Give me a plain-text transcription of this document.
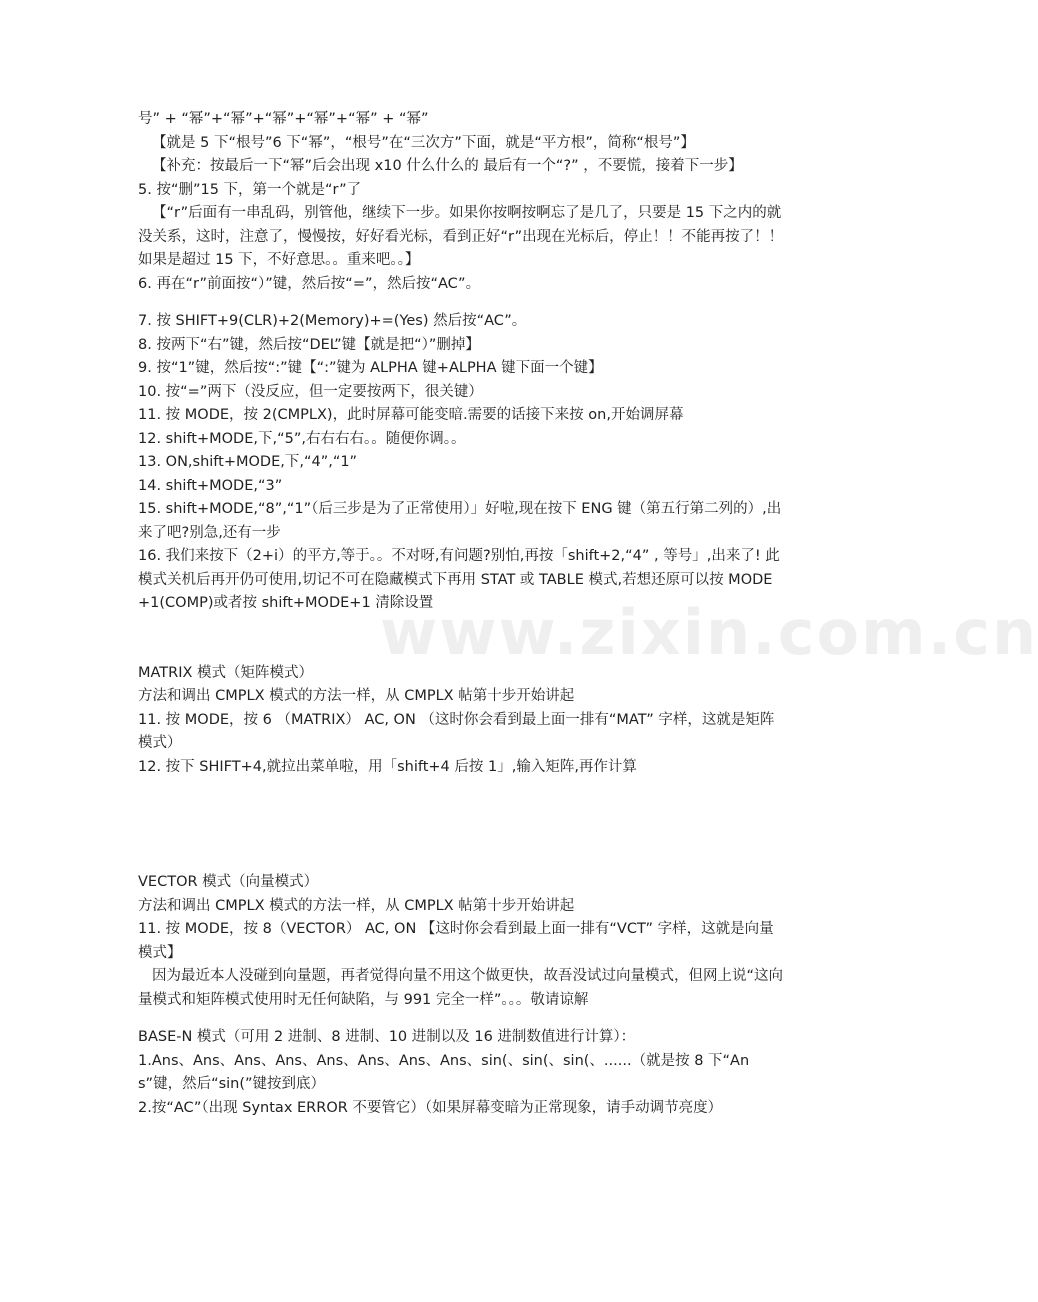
www.zixin.com.cn

号” + “幂”+“幂”+“幂”+“幂”+“幂” + “幂”

【就是 5 下“根号”6 下“幂”，“根号”在“三次方”下面，就是“平方根”，简称“根号”】

【补充：按最后一下“幂”后会出现 x10 什么什么的 最后有一个“?” ，不要慌，接着下一步】

5. 按“删”15 下，第一个就是“r”了

【“r”后面有一串乱码，别管他，继续下一步。如果你按啊按啊忘了是几了，只要是 15 下之内的就没关系，这时，注意了，慢慢按，好好看光标，看到正好“r”出现在光标后，停止！！不能再按了！！如果是超过 15 下，不好意思。。重来吧。。】

6. 再在“r”前面按“）”键，然后按“=”，然后按“AC”。

7. 按 SHIFT+9(CLR)+2(Memory)+=(Yes) 然后按“AC”。

8. 按两下“右”键，然后按“DEL”键【就是把“）”删掉】

9. 按“1”键，然后按“:”键【“:”键为 ALPHA 键+ALPHA 键下面一个键】

10. 按“=”两下（没反应，但一定要按两下，很关键）

11. 按 MODE，按 2(CMPLX)，此时屏幕可能变暗.需要的话接下来按 on,开始调屏幕

12. shift+MODE,下,“5”,右右右右。。随便你调。。

13. ON,shift+MODE,下,“4”,“1”

14. shift+MODE,“3”

15. shift+MODE,“8”,“1”（后三步是为了正常使用）」好啦,现在按下 ENG 键（第五行第二列的）,出来了吧?别急,还有一步

16. 我们来按下（2+i）的平方,等于。。不对呀,有问题?别怕,再按「shift+2,“4” , 等号」,出来了! 此模式关机后再开仍可使用,切记不可在隐藏模式下再用 STAT 或 TABLE 模式,若想还原可以按 MODE+1(COMP)或者按 shift+MODE+1 清除设置

MATRIX 模式（矩阵模式）

方法和调出 CMPLX 模式的方法一样，从 CMPLX 帖第十步开始讲起

11. 按 MODE，按 6 （MATRIX） AC, ON （这时你会看到最上面一排有“MAT” 字样，这就是矩阵模式）

12. 按下 SHIFT+4,就拉出菜单啦，用「shift+4 后按 1」,输入矩阵,再作计算

VECTOR 模式（向量模式）

方法和调出 CMPLX 模式的方法一样，从 CMPLX 帖第十步开始讲起

11. 按 MODE，按 8（VECTOR） AC, ON 【这时你会看到最上面一排有“VCT” 字样，这就是向量模式】

因为最近本人没碰到向量题，再者觉得向量不用这个做更快，故吾没试过向量模式，但网上说“这向量模式和矩阵模式使用时无任何缺陷，与 991 完全一样”。。。敬请谅解

BASE-N 模式（可用 2 进制、8 进制、10 进制以及 16 进制数值进行计算）：

1.Ans、Ans、Ans、Ans、Ans、Ans、Ans、Ans、sin(、sin(、sin(、......（就是按 8 下“Ans”键，然后“sin(”键按到底）

2.按“AC”（出现 Syntax ERROR 不要管它）（如果屏幕变暗为正常现象，请手动调节亮度）
